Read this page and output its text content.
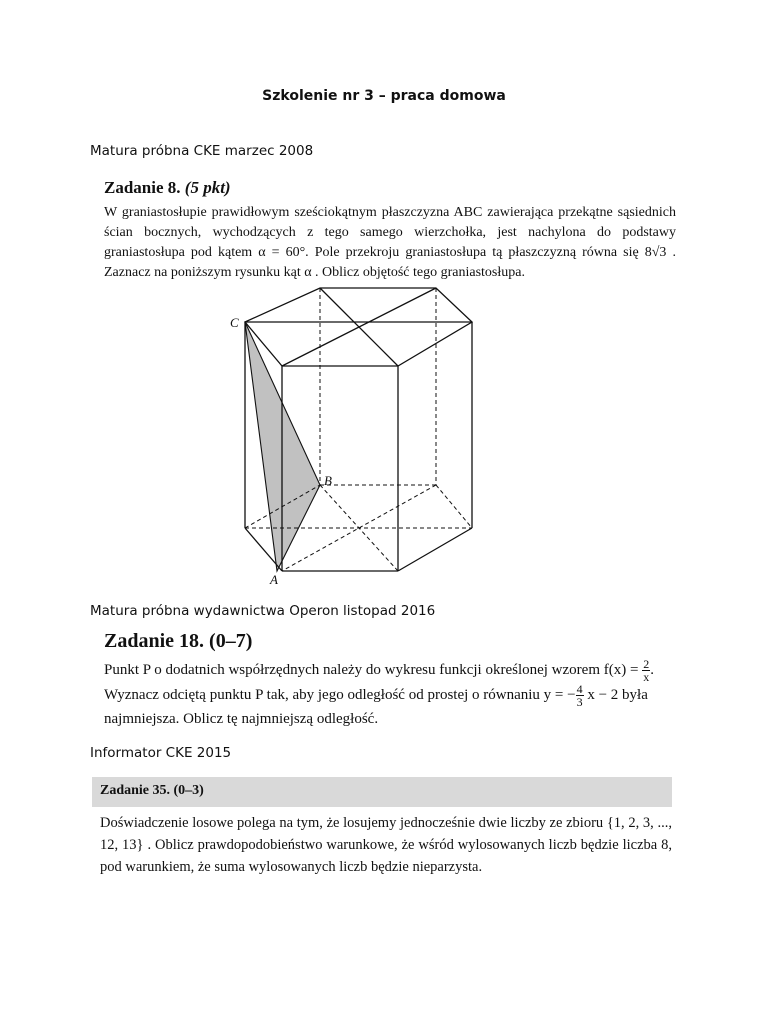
Szkolenie nr 3 – praca domowa
Matura próbna CKE marzec 2008
Zadanie 8. (5 pkt)

W graniastosłupie prawidłowym sześciokątnym płaszczyzna ABC zawierająca przekątne sąsiednich ścian bocznych, wychodzących z tego samego wierzchołka, jest nachylona do podstawy graniastosłupa pod kątem α = 60°. Pole przekroju graniastosłupa tą płaszczyzną równa się 8√3 . Zaznacz na poniższym rysunku kąt α . Oblicz objętość tego graniastosłupa.

C
B
A
Matura próbna wydawnictwa Operon listopad 2016
Zadanie 18. (0–7)

Punkt P o dodatnich współrzędnych należy do wykresu funkcji określonej wzorem $f(x) = \frac{2}{x}$ .

Wyznacz odciętą punktu P tak, aby jego odległość od prostej o równaniu y = − $\frac{4}{3}$ x − 2 była

najmniejsza. Oblicz tę najmniejszą odległość.

Informator CKE 2015
Zadanie 35. (0–3)

Doświadczenie losowe polega na tym, że losujemy jednocześnie dwie liczby ze zbioru {1, 2, 3, ..., 12, 13} . Oblicz prawdopodobieństwo warunkowe, że wśród wylosowanych liczb będzie liczba 8, pod warunkiem, że suma wylosowanych liczb będzie nieparzysta.
